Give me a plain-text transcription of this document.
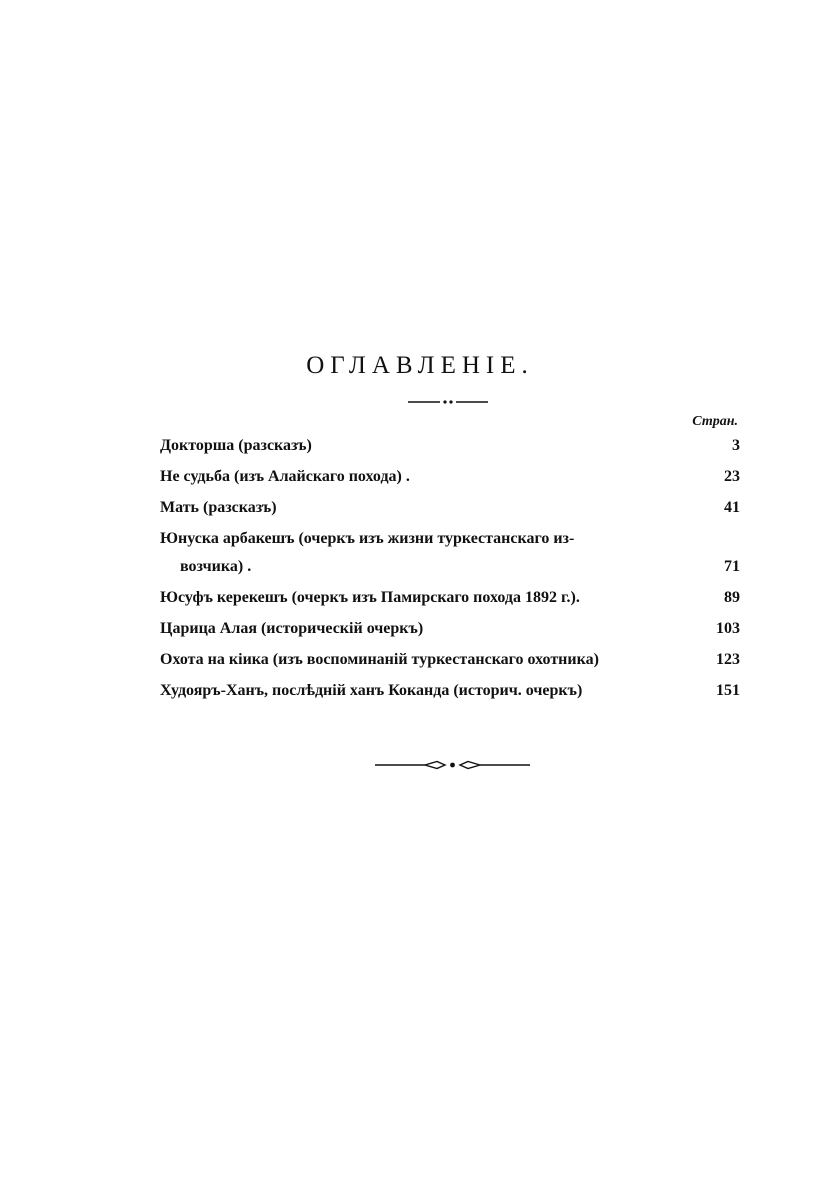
ОГЛАВЛЕНІЕ.
Стран.
Докторша (разсказъ)	3
Не судьба (изъ Алайскаго похода) .	23
Мать (разсказъ)	41
Юнуска арбакешъ (очеркъ изъ жизни туркестанскаго из-
возчика) .	71
Юсуфъ керекешъ (очеркъ изъ Памирскаго похода 1892 г.).	89
Царица Алая (историческій очеркъ)	103
Охота на кіика (изъ воспоминаній туркестанскаго охотника)	123
Худояръ-Ханъ, послѣдній ханъ Коканда (историч. очеркъ)	151
